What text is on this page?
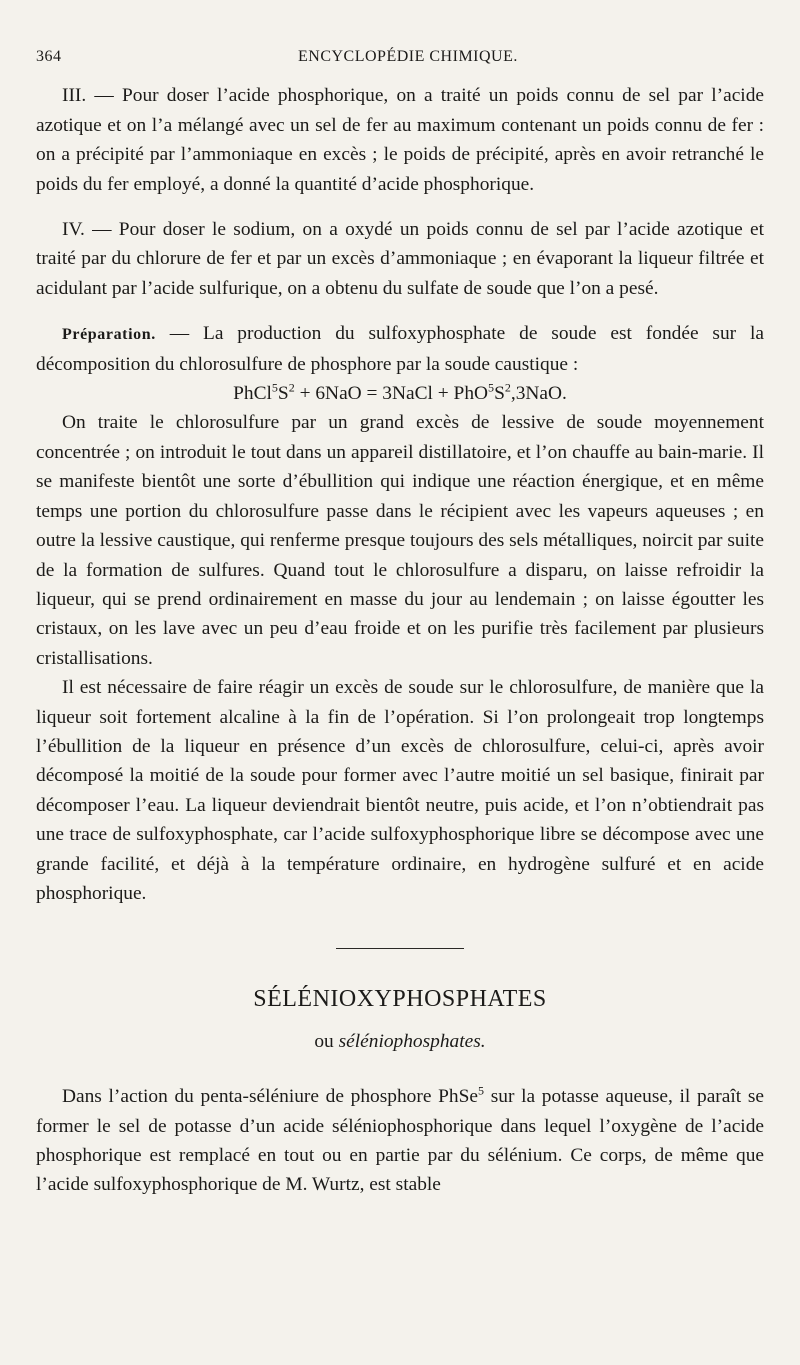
364	ENCYCLOPÉDIE CHIMIQUE.

III. — Pour doser l’acide phosphorique, on a traité un poids connu de sel par l’acide azotique et on l’a mélangé avec un sel de fer au maximum contenant un poids connu de fer : on a précipité par l’ammoniaque en excès ; le poids de précipité, après en avoir retranché le poids du fer employé, a donné la quantité d’acide phosphorique.

IV. — Pour doser le sodium, on a oxydé un poids connu de sel par l’acide azotique et traité par du chlorure de fer et par un excès d’ammoniaque ; en évaporant la liqueur filtrée et acidulant par l’acide sulfurique, on a obtenu du sulfate de soude que l’on a pesé.

Préparation. — La production du sulfoxyphosphate de soude est fondée sur la décomposition du chlorosulfure de phosphore par la soude caustique :

$PhCl^5S^2 + 6NaO$ = 3NaCl + $PhO^5S^2,3NaO$.

On traite le chlorosulfure par un grand excès de lessive de soude moyennement concentrée ; on introduit le tout dans un appareil distillatoire, et l’on chauffe au bain-marie. Il se manifeste bientôt une sorte d’ébullition qui indique une réaction énergique, et en même temps une portion du chlorosulfure passe dans le récipient avec les vapeurs aqueuses ; en outre la lessive caustique, qui renferme presque toujours des sels métalliques, noircit par suite de la formation de sulfures. Quand tout le chlorosulfure a disparu, on laisse refroidir la liqueur, qui se prend ordinairement en masse du jour au lendemain ; on laisse égoutter les cristaux, on les lave avec un peu d’eau froide et on les purifie très facilement par plusieurs cristallisations.

Il est nécessaire de faire réagir un excès de soude sur le chlorosulfure, de manière que la liqueur soit fortement alcaline à la fin de l’opération. Si l’on prolongeait trop longtemps l’ébullition de la liqueur en présence d’un excès de chlorosulfure, celui-ci, après avoir décomposé la moitié de la soude pour former avec l’autre moitié un sel basique, finirait par décomposer l’eau. La liqueur deviendrait bientôt neutre, puis acide, et l’on n’obtiendrait pas une trace de sulfoxyphosphate, car l’acide sulfoxyphosphorique libre se décompose avec une grande facilité, et déjà à la température ordinaire, en hydrogène sulfuré et en acide phosphorique.

SÉLÉNIOXYPHOSPHATES
ou séléniophosphates.

Dans l’action du penta-séléniure de phosphore PhSe$^5$ sur la potasse aqueuse, il paraît se former le sel de potasse d’un acide séléniophosphorique dans lequel l’oxygène de l’acide phosphorique est remplacé en tout ou en partie par du sélénium. Ce corps, de même que l’acide sulfoxyphosphorique de M. Wurtz, est stable
